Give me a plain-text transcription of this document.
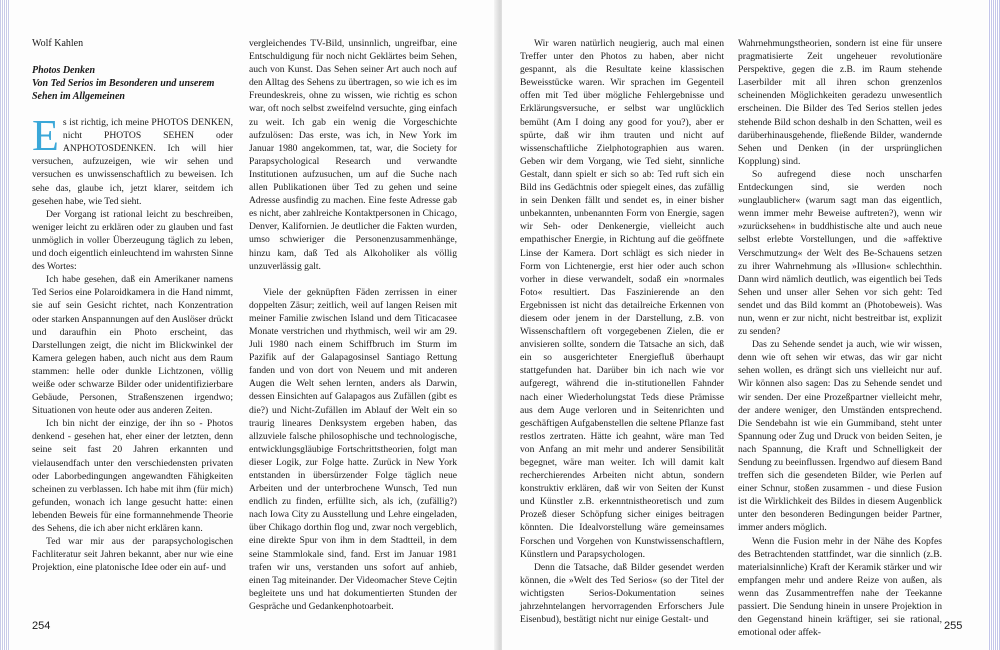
Wolf Kahlen
Photos Denken
Von Ted Serios im Besonderen und unserem Sehen im Allgemeinen

Es ist richtig, ich meine PHOTOS DENKEN, nicht PHOTOS SEHEN oder ANPHOTOSDENKEN. Ich will hier versuchen, aufzuzeigen, wie wir sehen und versuchen es unwissenschaftlich zu beweisen. Ich sehe das, glaube ich, jetzt klarer, seitdem ich gesehen habe, wie Ted sieht.

Der Vorgang ist rational leicht zu beschreiben, weniger leicht zu erklären oder zu glauben und fast unmöglich in voller Überzeugung täglich zu leben, und doch eigentlich einleuchtend im wahrsten Sinne des Wortes:

Ich habe gesehen, daß ein Amerikaner namens Ted Serios eine Polaroidkamera in die Hand nimmt, sie auf sein Gesicht richtet, nach Konzentration oder starken Anspannungen auf den Auslöser drückt und daraufhin ein Photo erscheint, das Darstellungen zeigt, die nicht im Blickwinkel der Kamera gelegen haben, auch nicht aus dem Raum stammen: helle oder dunkle Lichtzonen, völlig weiße oder schwarze Bilder oder unidentifizierbare Gebäude, Personen, Straßenszenen irgendwo; Situationen von heute oder aus anderen Zeiten.

Ich bin nicht der einzige, der ihn so - Photos denkend - gesehen hat, eher einer der letzten, denn seine seit fast 20 Jahren erkannten und vielausendfach unter den verschiedensten privaten oder Laborbedingungen angewandten Fähigkeiten scheinen zu verblassen. Ich habe mit ihm (für mich) gefunden, wonach ich lange gesucht hatte: einen lebenden Beweis für eine formannehmende Theorie des Sehens, die ich aber nicht erklären kann.

Ted war mir aus der parapsychologischen Fachliteratur seit Jahren bekannt, aber nur wie eine Projektion, eine platonische Idee oder ein auf- und

vergleichendes TV-Bild, unsinnlich, ungreifbar, eine Entschuldigung für noch nicht Geklärtes beim Sehen, auch von Kunst. Das Sehen seiner Art auch noch auf den Alltag des Sehens zu übertragen, so wie ich es im Freundeskreis, ohne zu wissen, wie richtig es schon war, oft noch selbst zweifelnd versuchte, ging einfach zu weit. Ich gab ein wenig die Vorgeschichte aufzulösen: Das erste, was ich, in New York im Januar 1980 angekommen, tat, war, die Society for Parapsychological Research und verwandte Institutionen aufzusuchen, um auf die Suche nach allen Publikationen über Ted zu gehen und seine Adresse ausfindig zu machen. Eine feste Adresse gab es nicht, aber zahlreiche Kontaktpersonen in Chicago, Denver, Kalifornien. Je deutlicher die Fakten wurden, umso schwieriger die Personenzusammenhänge, hinzu kam, daß Ted als Alkoholiker als völlig unzuverlässig galt.

Viele der geknüpften Fäden zerrissen in einer doppelten Zäsur; zeitlich, weil auf langen Reisen mit meiner Familie zwischen Island und dem Titicacasee Monate verstrichen und rhythmisch, weil wir am 29. Juli 1980 nach einem Schiffbruch im Sturm im Pazifik auf der Galapagosinsel Santiago Rettung fanden und von dort von Neuem und mit anderen Augen die Welt sehen lernten, anders als Darwin, dessen Einsichten auf Galapagos aus Zufällen (gibt es die?) und Nicht-Zufällen im Ablauf der Welt ein so traurig lineares Denksystem ergeben haben, das allzuviele falsche philosophische und technologische, entwicklungsgläubige Fortschrittstheorien, folgt man dieser Logik, zur Folge hatte. Zurück in New York entstanden in übersürzender Folge täglich neue Arbeiten und der unterbrochene Wunsch, Ted nun endlich zu finden, erfüllte sich, als ich, (zufällig?) nach Iowa City zu Ausstellung und Lehre eingeladen, über Chikago dorthin flog und, zwar noch vergeblich, eine direkte Spur von ihm in dem Stadtteil, in dem seine Stammlokale sind, fand. Erst im Januar 1981 trafen wir uns, verstanden uns sofort auf anhieb, einen Tag miteinander. Der Videomacher Steve Cejtin begleitete uns und hat dokumentierten Stunden der Gespräche und Gedankenphotoarbeit.

254

Wir waren natürlich neugierig, auch mal einen Treffer unter den Photos zu haben, aber nicht gespannt, als die Resultate keine klassischen Beweisstücke waren. Wir sprachen im Gegenteil offen mit Ted über mögliche Fehlergebnisse und Erklärungsversuche, er selbst war unglücklich bemüht (Am I doing any good for you?), aber er spürte, daß wir ihm trauten und nicht auf wissenschaftliche Zielphotographien aus waren. Geben wir dem Vorgang, wie Ted sieht, sinnliche Gestalt, dann spielt er sich so ab: Ted ruft sich ein Bild ins Gedächtnis oder spiegelt eines, das zufällig in sein Denken fällt und sendet es, in einer bisher unbekannten, unbenannten Form von Energie, sagen wir Seh- oder Denkenergie, vielleicht auch empathischer Energie, in Richtung auf die geöffnete Linse der Kamera. Dort schlägt es sich nieder in Form von Lichtenergie, erst hier oder auch schon vorher in diese verwandelt, sodaß ein »normales Foto« resultiert. Das Faszinierende an den Ergebnissen ist nicht das detailreiche Erkennen von diesem oder jenem in der Darstellung, z.B. von Wissenschaftlern oft vorgegebenen Zielen, die er anvisieren sollte, sondern die Tatsache an sich, daß ein so ausgerichteter Energiefluß überhaupt stattgefunden hat. Darüber bin ich nach wie vor aufgeregt, während die in-stitutionellen Fahnder nach einer Wiederholungstat Teds diese Prämisse aus dem Auge verloren und in Seitenrichten und geschäftigen Aufgabenstellen die seltene Pflanze fast restlos zertraten. Hätte ich geahnt, wäre man Ted von Anfang an mit mehr und anderer Sensibilität begegnet, wäre man weiter. Ich will damit kalt recherchierendes Arbeiten nicht abtun, sondern konstruktiv erklären, daß wir von Seiten der Kunst und Künstler z.B. erkenntnistheoretisch und zum Prozeß dieser Schöpfung sicher einiges beitragen könnten. Die Idealvorstellung wäre gemeinsames Forschen und Vorgehen von Kunstwissenschaftlern, Künstlern und Parapsychologen.

Denn die Tatsache, daß Bilder gesendet werden können, die »Welt des Ted Serios« (so der Titel der wichtigsten Serios-Dokumentation seines jahrzehntelangen hervorragenden Erforschers Jule Eisenbud), bestätigt nicht nur einige Gestalt- und

Wahrnehmungstheorien, sondern ist eine für unsere pragmatisierte Zeit ungeheuer revolutionäre Perspektive, gegen die z.B. im Raum stehende Laserbilder mit all ihren schon grenzenlos scheinenden Möglichkeiten geradezu unwesentlich erscheinen. Die Bilder des Ted Serios stellen jedes stehende Bild schon deshalb in den Schatten, weil es darüberhinausgehende, fließende Bilder, wandernde Sehen und Denken (in der ursprünglichen Kopplung) sind.

So aufregend diese noch unscharfen Entdeckungen sind, sie werden noch »unglaublicher« (warum sagt man das eigentlich, wenn immer mehr Beweise auftreten?), wenn wir »zurücksehen« in buddhistische alte und auch neue selbst erlebte Vorstellungen, und die »affektive Verschmutzung« der Welt des Be-Schauens setzen zu ihrer Wahrnehmung als »Illusion« schlechthin. Dann wird nämlich deutlich, was eigentlich bei Teds Sehen und unser aller Sehen vor sich geht: Ted sendet und das Bild kommt an (Photobeweis). Was nun, wenn er zur nicht, nicht bestreitbar ist, explizit zu senden?

Das zu Sehende sendet ja auch, wie wir wissen, denn wie oft sehen wir etwas, das wir gar nicht sehen wollen, es drängt sich uns vielleicht nur auf. Wir können also sagen: Das zu Sehende sendet und wir senden. Der eine Prozeßpartner vielleicht mehr, der andere weniger, den Umständen entsprechend. Die Sendebahn ist wie ein Gummiband, steht unter Spannung oder Zug und Druck von beiden Seiten, je nach Spannung, die Kraft und Schnelligkeit der Sendung zu beeinflussen. Irgendwo auf diesem Band treffen sich die gesendeten Bilder, wie Perlen auf einer Schnur, stoßen zusammen - und diese Fusion ist die Wirklichkeit des Bildes in diesem Augenblick unter den besonderen Bedingungen beider Partner, immer anders möglich.

Wenn die Fusion mehr in der Nähe des Kopfes des Betrachtenden stattfindet, war die sinnlich (z.B. materialsinnliche) Kraft der Keramik stärker und wir empfangen mehr und andere Reize von außen, als wenn das Zusammentreffen nahe der Teekanne passiert. Die Sendung hinein in unsere Projektion in den Gegenstand hinein kräftiger, sei sie rational, emotional oder affek-

255
